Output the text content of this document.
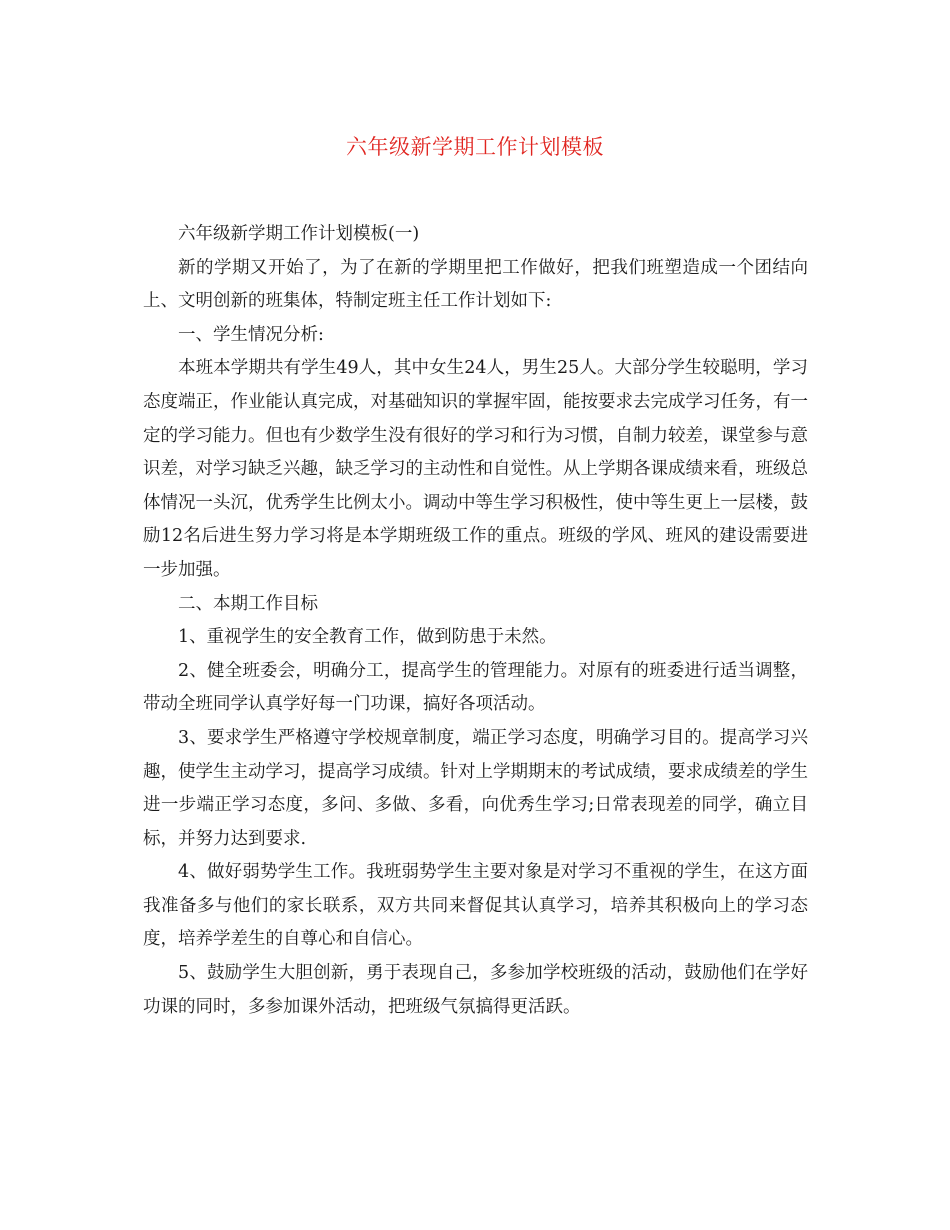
六年级新学期工作计划模板

六年级新学期工作计划模板(一)

新的学期又开始了，为了在新的学期里把工作做好，把我们班塑造成一个团结向上、文明创新的班集体，特制定班主任工作计划如下:

一、学生情况分析:

本班本学期共有学生49人，其中女生24人，男生25人。大部分学生较聪明，学习态度端正，作业能认真完成，对基础知识的掌握牢固，能按要求去完成学习任务，有一定的学习能力。但也有少数学生没有很好的学习和行为习惯，自制力较差，课堂参与意识差，对学习缺乏兴趣，缺乏学习的主动性和自觉性。从上学期各课成绩来看，班级总体情况一头沉，优秀学生比例太小。调动中等生学习积极性，使中等生更上一层楼，鼓励12名后进生努力学习将是本学期班级工作的重点。班级的学风、班风的建设需要进一步加强。

二、本期工作目标

1、重视学生的安全教育工作，做到防患于未然。

2、健全班委会，明确分工，提高学生的管理能力。对原有的班委进行适当调整，带动全班同学认真学好每一门功课，搞好各项活动。

3、要求学生严格遵守学校规章制度，端正学习态度，明确学习目的。提高学习兴趣，使学生主动学习，提高学习成绩。针对上学期期末的考试成绩，要求成绩差的学生进一步端正学习态度，多问、多做、多看，向优秀生学习;日常表现差的同学，确立目标，并努力达到要求.

4、做好弱势学生工作。我班弱势学生主要对象是对学习不重视的学生，在这方面我准备多与他们的家长联系，双方共同来督促其认真学习，培养其积极向上的学习态度，培养学差生的自尊心和自信心。

5、鼓励学生大胆创新，勇于表现自己，多参加学校班级的活动，鼓励他们在学好功课的同时，多参加课外活动，把班级气氛搞得更活跃。
